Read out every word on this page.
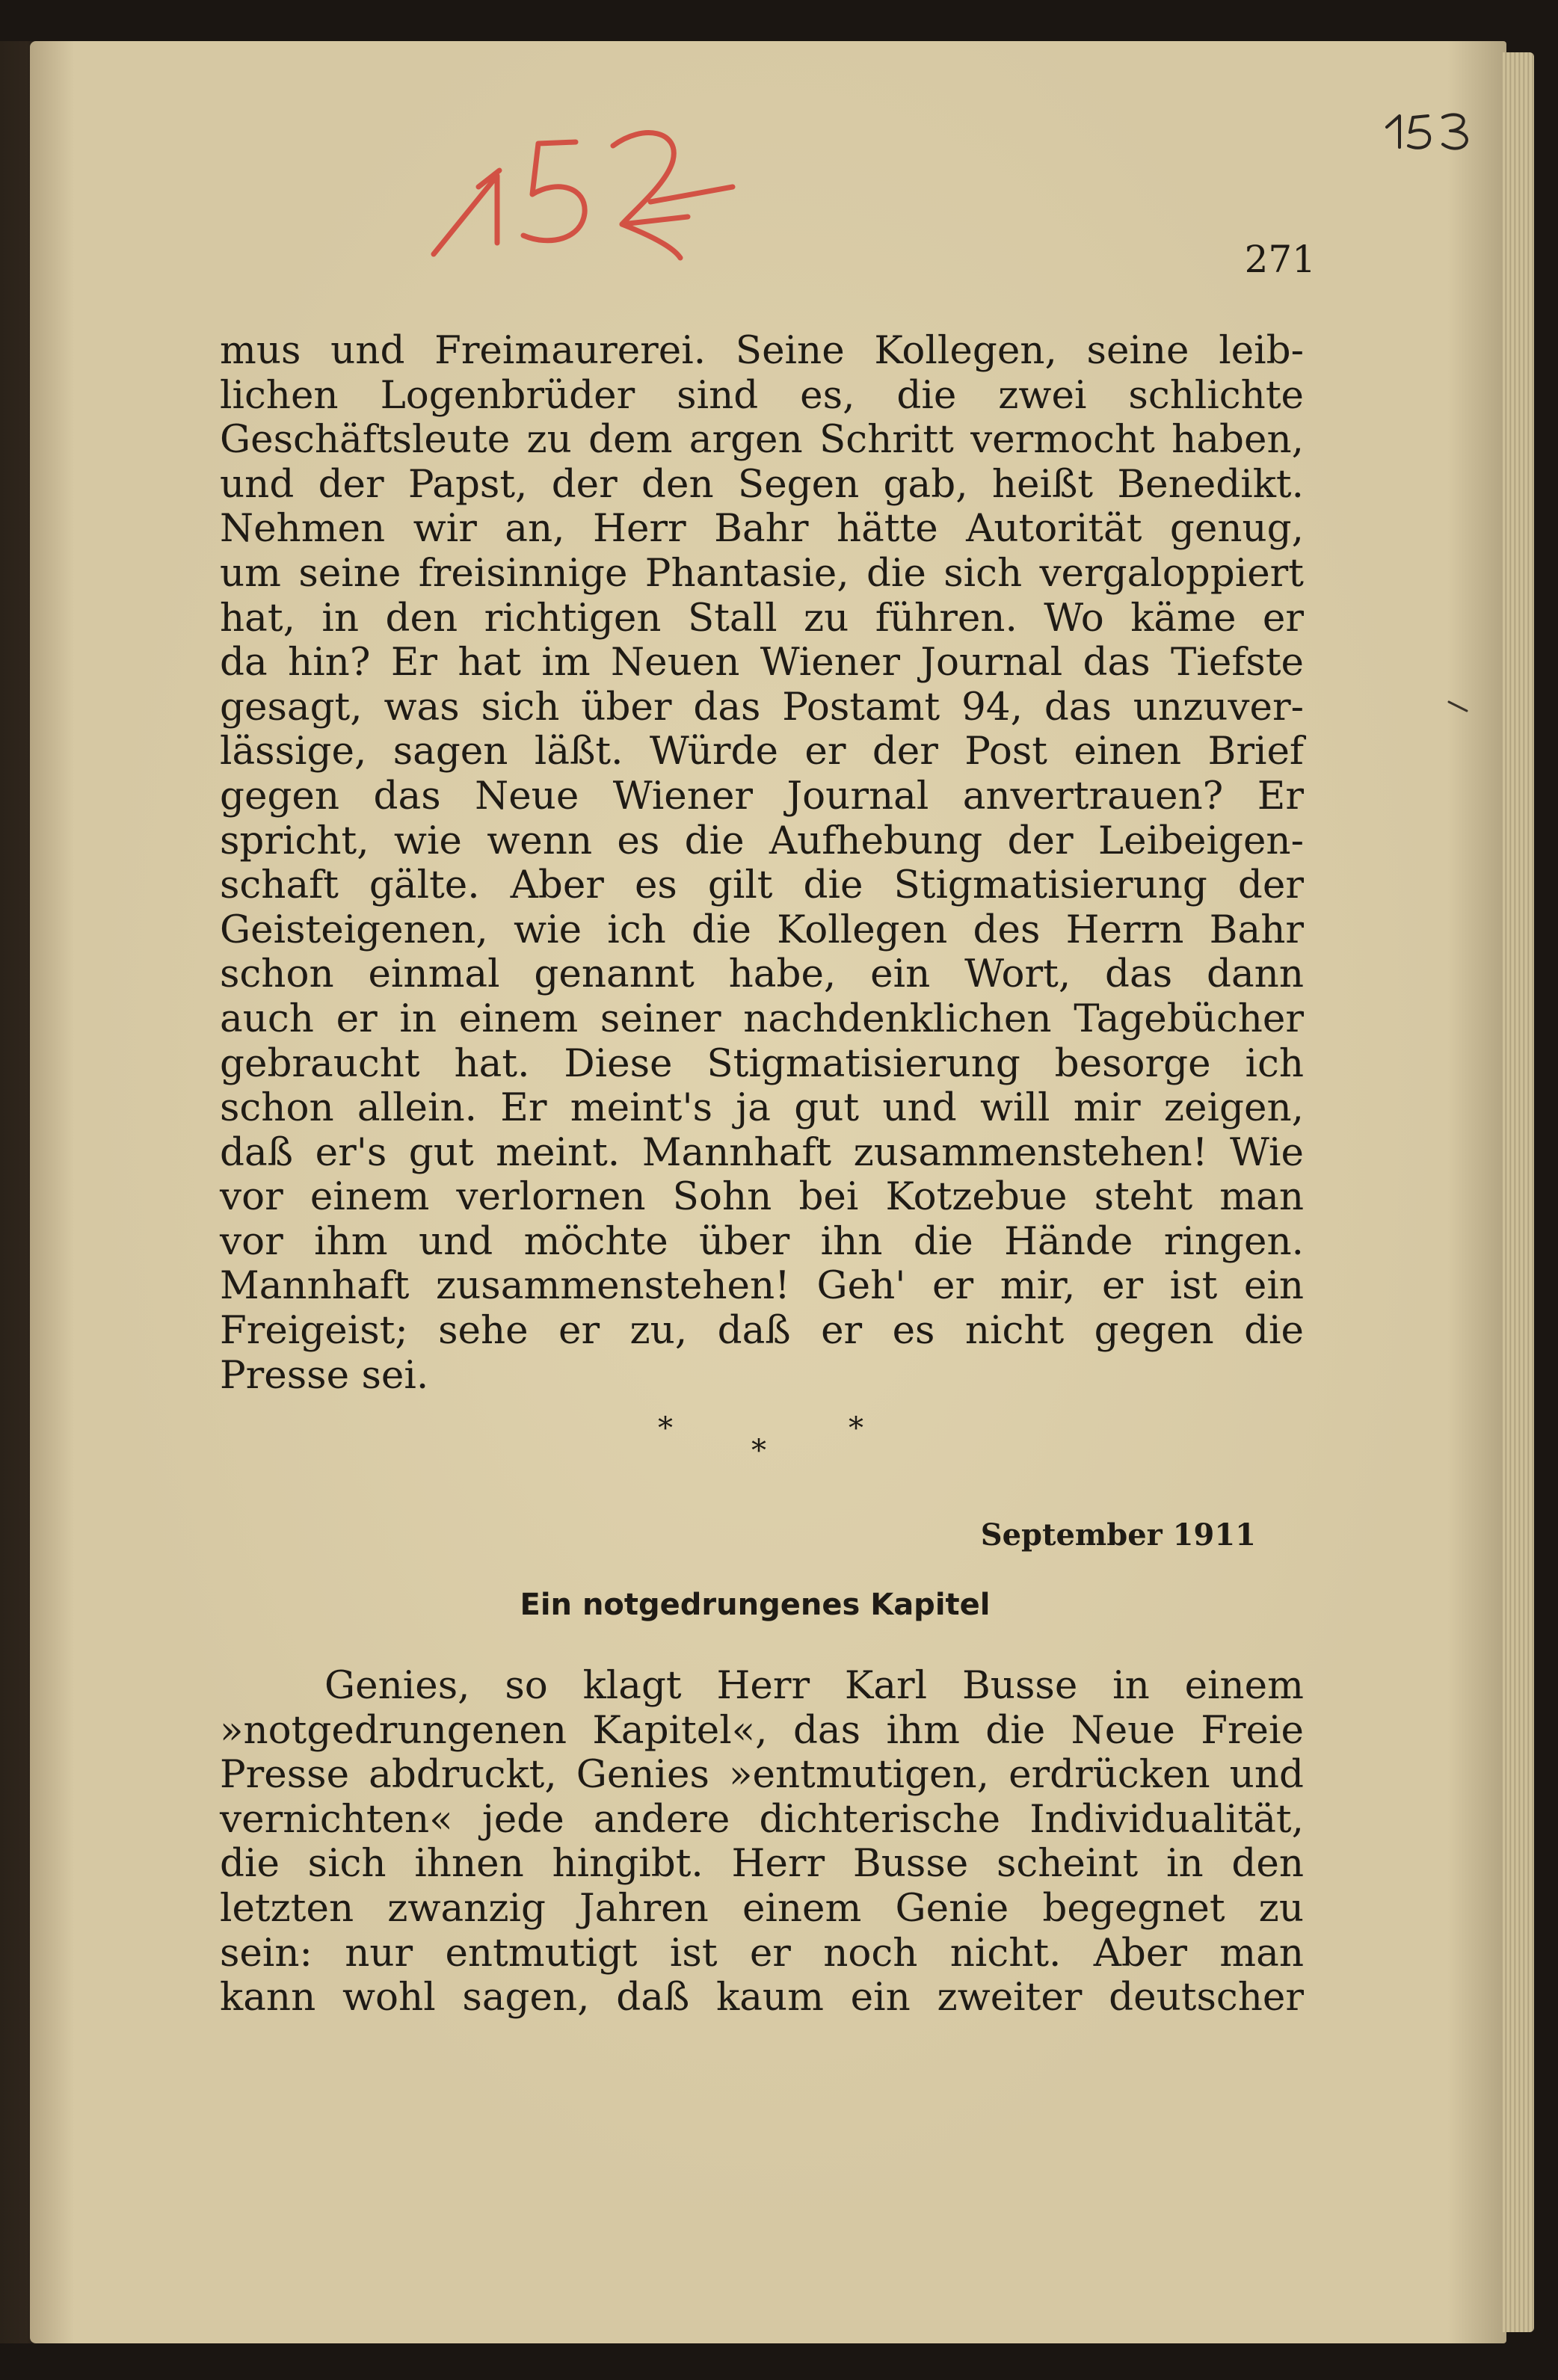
271
mus und Freimaurerei. Seine Kollegen, seine leib-
lichen Logenbrüder sind es, die zwei schlichte
Geschäftsleute zu dem argen Schritt vermocht haben,
und der Papst, der den Segen gab, heißt Benedikt.
Nehmen wir an, Herr Bahr hätte Autorität genug,
um seine freisinnige Phantasie, die sich vergaloppiert
hat, in den richtigen Stall zu führen. Wo käme er
da hin? Er hat im Neuen Wiener Journal das Tiefste
gesagt, was sich über das Postamt 94, das unzuver-
lässige, sagen läßt. Würde er der Post einen Brief
gegen das Neue Wiener Journal anvertrauen? Er
spricht, wie wenn es die Aufhebung der Leibeigen-
schaft gälte. Aber es gilt die Stigmatisierung der
Geisteigenen, wie ich die Kollegen des Herrn Bahr
schon einmal genannt habe, ein Wort, das dann
auch er in einem seiner nachdenklichen Tagebücher
gebraucht hat. Diese Stigmatisierung besorge ich
schon allein. Er meint's ja gut und will mir zeigen,
daß er's gut meint. Mannhaft zusammenstehen! Wie
vor einem verlornen Sohn bei Kotzebue steht man
vor ihm und möchte über ihn die Hände ringen.
Mannhaft zusammenstehen! Geh' er mir, er ist ein
Freigeist; sehe er zu, daß er es nicht gegen die
Presse sei.
*
*
*
September 1911
Ein notgedrungenes Kapitel
Genies, so klagt Herr Karl Busse in einem
»notgedrungenen Kapitel«, das ihm die Neue Freie
Presse abdruckt, Genies »entmutigen, erdrücken und
vernichten« jede andere dichterische Individualität,
die sich ihnen hingibt. Herr Busse scheint in den
letzten zwanzig Jahren einem Genie begegnet zu
sein: nur entmutigt ist er noch nicht. Aber man
kann wohl sagen, daß kaum ein zweiter deutscher
